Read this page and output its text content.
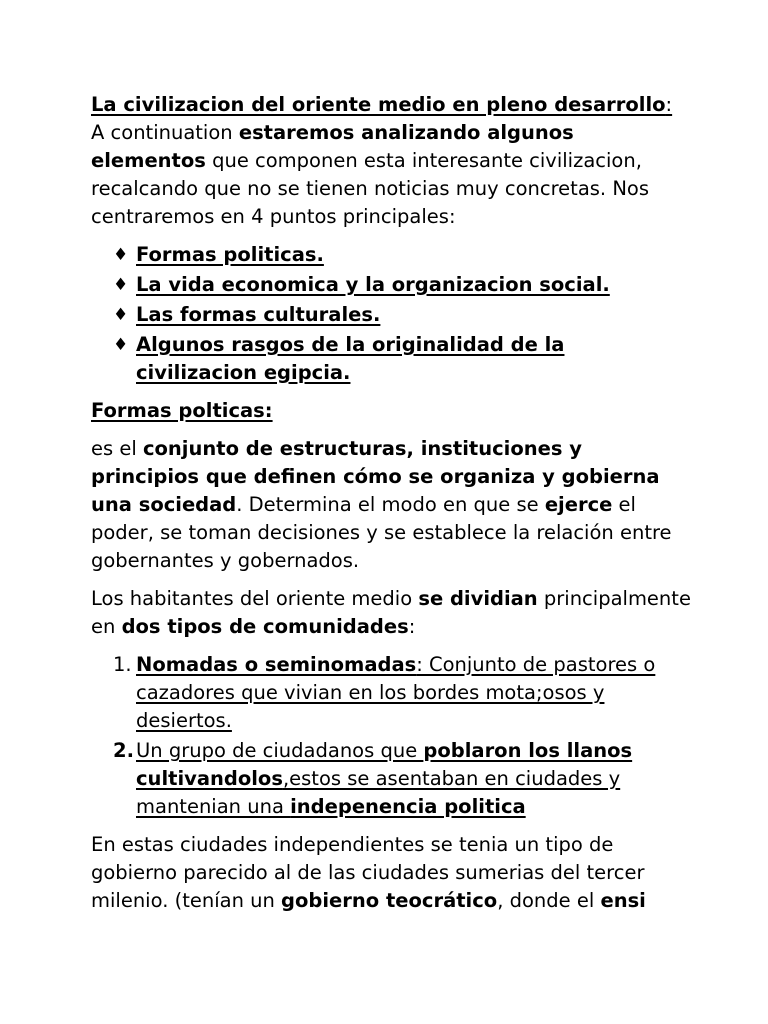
La civilizacion del oriente medio en pleno desarrollo: A continuation estaremos analizando algunos elementos que componen esta interesante civilizacion, recalcando que no se tienen noticias muy concretas. Nos centraremos en 4 puntos principales:

♦ Formas politicas.
♦ La vida economica y la organizacion social.
♦ Las formas culturales.
♦ Algunos rasgos de la originalidad de la civilizacion egipcia.

Formas polticas:

es el conjunto de estructuras, instituciones y principios que definen cómo se organiza y gobierna una sociedad. Determina el modo en que se ejerce el poder, se toman decisiones y se establece la relación entre gobernantes y gobernados.

Los habitantes del oriente medio se dividian principalmente en dos tipos de comunidades:

1. Nomadas o seminomadas: Conjunto de pastores o cazadores que vivian en los bordes mota;osos y desiertos.
2. Un grupo de ciudadanos que poblaron los llanos cultivandolos,estos se asentaban en ciudades y mantenian una indepenencia politica

En estas ciudades independientes se tenia un tipo de gobierno parecido al de las ciudades sumerias del tercer milenio. (tenían un gobierno teocrático, donde el ensi
